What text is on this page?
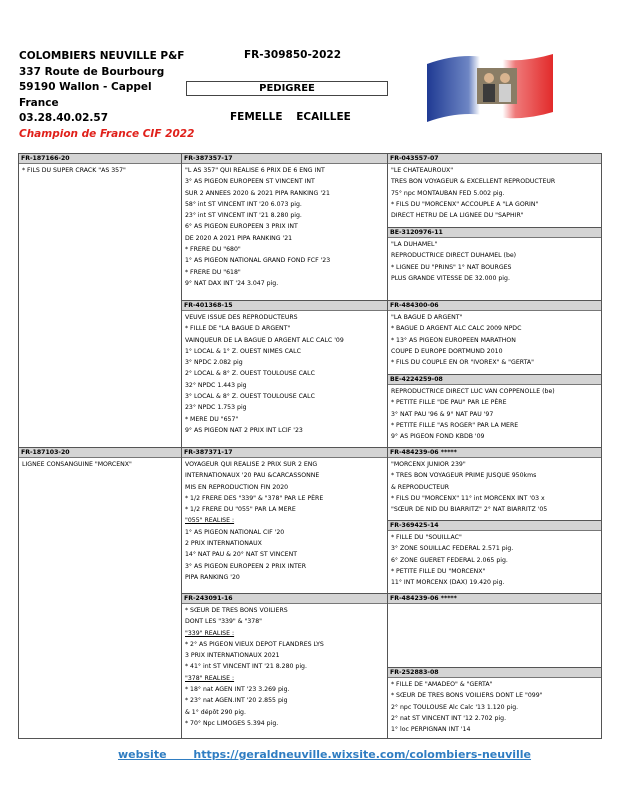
COLOMBIERS NEUVILLE P&F
337 Route de Bourbourg
59190 Wallon - Cappel
France
03.28.40.02.57
Champion de France CIF 2022
FR-309850-2022
PEDIGREE
FEMELLE ECAILLEE
FR-187166-20
* FILS DU SUPER CRACK "AS 357"
FR-187103-20
LIGNEE CONSANGUINE "MORCENX"
FR-387357-17
"L AS 357" QUI REALISE 6 PRIX DE 6 ENG INT
3° AS PIGEON EUROPEEN ST VINCENT INT
SUR 2 ANNEES 2020 & 2021 PIPA RANKING '21
58° int ST VINCENT INT '20 6.073 pig.
23° int ST VINCENT INT '21 8.280 pig.
6° AS PIGEON EUROPEEN 3 PRIX INT
DE 2020 A 2021 PIPA RANKING '21
* FRERE DU "680"
1° AS PIGEON NATIONAL GRAND FOND FCF '23
* FRERE DU "618"
9° NAT DAX INT '24 3.047 pig.
FR-401368-15
VEUVE ISSUE DES REPRODUCTEURS
* FILLE DE "LA BAGUE D ARGENT"
VAINQUEUR DE LA BAGUE D ARGENT ALC CALC '09
1° LOCAL & 1° Z. OUEST NIMES CALC
3° NPDC 2.082 pig
2° LOCAL & 8° Z. OUEST TOULOUSE CALC
32° NPDC 1.443 pig
3° LOCAL & 8° Z. OUEST TOULOUSE CALC
23° NPDC 1.753 pig
* MERE DU "657"
9° AS PIGEON NAT 2 PRIX INT LCIF '23
FR-387371-17
VOYAGEUR QUI REALISE 2 PRIX SUR 2 ENG
INTERNATIONAUX '20 PAU &CARCASSONNE
MIS EN REPRODUCTION FIN 2020
* 1/2 FRERE DES "339" & "378" PAR LE PÈRE
* 1/2 FRERE DU "055" PAR LA MERE
"055" REALISE :
1° AS PIGEON NATIONAL CIF '20
2 PRIX INTERNATIONAUX
14° NAT PAU & 20° NAT ST VINCENT
3° AS PIGEON EUROPEEN 2 PRIX INTER
PIPA RANKING '20
FR-243091-16
* SŒUR DE TRES BONS VOILIERS
DONT LES "339" & "378"
"339" REALISE :
* 2° AS PIGEON VIEUX DEPOT FLANDRES LYS
3 PRIX INTERNATIONAUX 2021
* 41° int ST VINCENT INT '21 8.280 pig.
"378" REALISE :
* 18° nat AGEN INT '23 3.269 pig.
* 23° nat AGEN.INT '20 2.855 pig
& 1° dépôt 290 pig.
* 70° Npc LIMOGES 5.394 pig.
FR-043557-07
"LE CHATEAUROUX"
TRES BON VOYAGEUR & EXCELLENT REPRODUCTEUR
75° npc MONTAUBAN FED 5.002 pig.
* FILS DU "MORCENX" ACCOUPLE A "LA GORIN"
DIRECT HETRU DE LA LIGNEE DU "SAPHIR"
BE-3120976-11
"LA DUHAMEL"
REPRODUCTRICE DIRECT DUHAMEL (be)
* LIGNEE DU "PRINS" 1° NAT BOURGES
PLUS GRANDE VITESSE DE 32.000 pig.
FR-484300-06
"LA BAGUE D ARGENT"
* BAGUE D ARGENT ALC CALC 2009 NPDC
* 13° AS PIGEON EUROPEEN MARATHON
COUPE D EUROPE DORTMUND 2010
* FILS DU COUPLE EN OR "IVOREX" & "GERTA"
BE-4224259-08
REPRODUCTRICE DIRECT LUC VAN COPPENOLLE (be)
* PETITE FILLE "DE PAU" PAR LE PÈRE
3° NAT PAU '96 & 9° NAT PAU '97
* PETITE FILLE "AS ROGER" PAR LA MERE
9° AS PIGEON FOND KBDB '09
FR-484239-06 *****
"MORCENX JUNIOR 239"
* TRES BON VOYAGEUR PRIME JUSQUE 950kms
& REPRODUCTEUR
* FILS DU "MORCENX" 11° int MORCENX INT '03 x
"SŒUR DE NID DU BIARRITZ" 2° NAT BIARRITZ '05
FR-369425-14
* FILLE DU "SOUILLAC"
3° ZONE SOUILLAC FEDERAL 2.571 pig.
6° ZONE GUERET FEDERAL 2.065 pig.
* PETITE FILLE DU "MORCENX"
11° INT MORCENX (DAX) 19.420 pig.
FR-484239-06 *****
FR-252883-08
* FILLE DE "AMADEO" & "GERTA"
* SŒUR DE TRES BONS VOILIERS DONT LE "099"
2° npc TOULOUSE Alc Calc '13 1.120 pig.
2° nat ST VINCENT INT '12 2.702 pig.
1° loc PERPIGNAN INT '14
website https://geraldneuville.wixsite.com/colombiers-neuville
